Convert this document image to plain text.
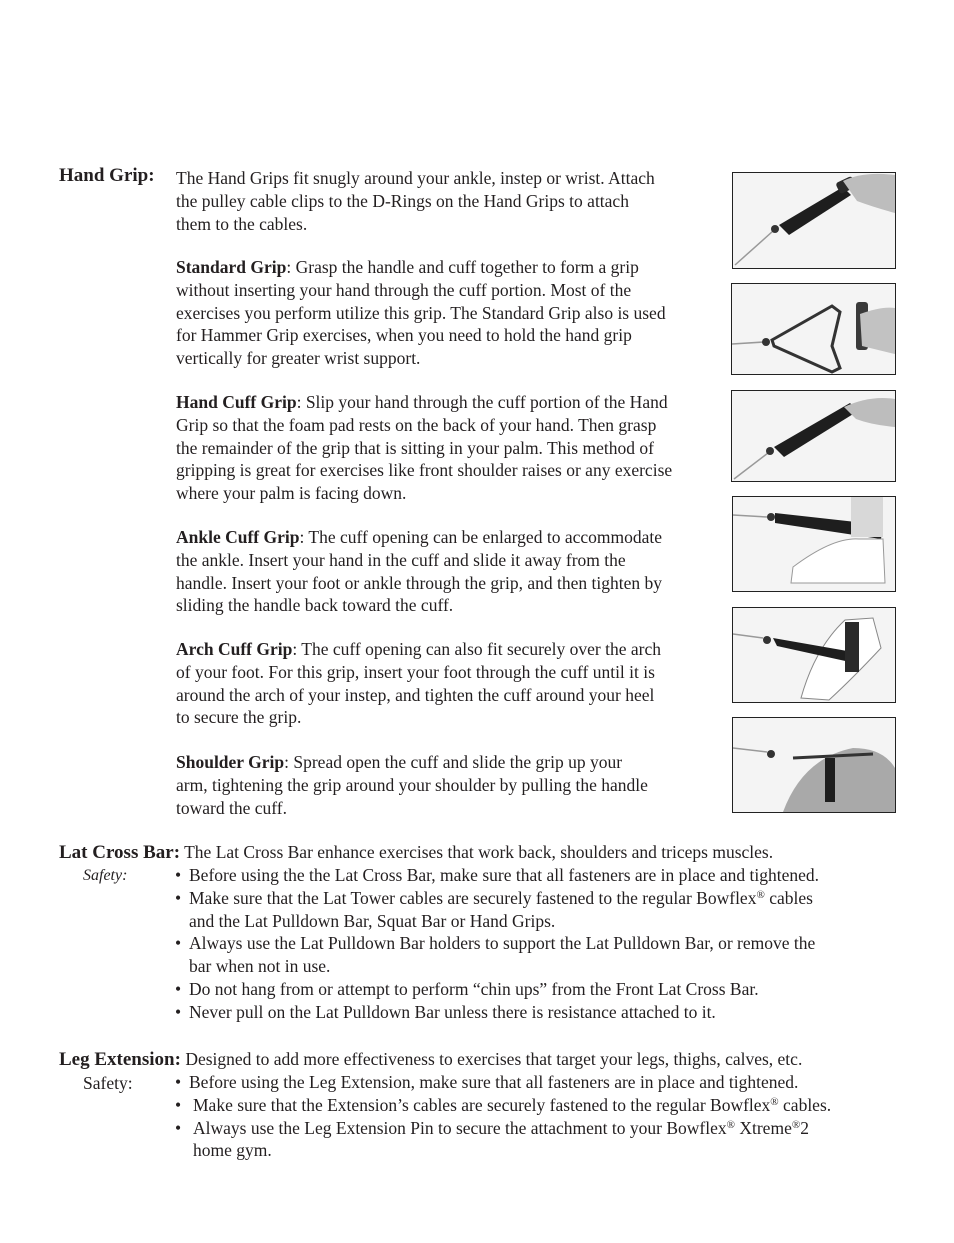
Hand Grip: The Hand Grips fit snugly around your ankle, instep or wrist. Attach
the pulley cable clips to the D-Rings on the Hand Grips to attach
them to the cables.
Standard Grip: Grasp the handle and cuff together to form a grip
without inserting your hand through the cuff portion. Most of the
exercises you perform utilize this grip. The Standard Grip also is used
for Hammer Grip exercises, when you need to hold the hand grip
vertically for greater wrist support.
Hand Cuff Grip: Slip your hand through the cuff portion of the Hand
Grip so that the foam pad rests on the back of your hand. Then grasp
the remainder of the grip that is sitting in your palm. This method of
gripping is great for exercises like front shoulder raises or any exercise
where your palm is facing down.
Ankle Cuff Grip: The cuff opening can be enlarged to accommodate
the ankle. Insert your hand in the cuff and slide it away from the
handle. Insert your foot or ankle through the grip, and then tighten by
sliding the handle back toward the cuff.
Arch Cuff Grip: The cuff opening can also fit securely over the arch
of your foot. For this grip, insert your foot through the cuff until it is
around the arch of your instep, and tighten the cuff around your heel
to secure the grip.
Shoulder Grip: Spread open the cuff and slide the grip up your
arm, tightening the grip around your shoulder by pulling the handle
toward the cuff.
Lat Cross Bar: The Lat Cross Bar enhance exercises that work back, shoulders and triceps muscles.
Safety:	• Before using the the Lat Cross Bar, make sure that all fasteners are in place and tightened.
• Make sure that the Lat Tower cables are securely fastened to the regular Bowflex® cables
and the Lat Pulldown Bar, Squat Bar or Hand Grips.
• Always use the Lat Pulldown Bar holders to support the Lat Pulldown Bar, or remove the
bar when not in use.
• Do not hang from or attempt to perform “chin ups” from the Front Lat Cross Bar.
• Never pull on the Lat Pulldown Bar unless there is resistance attached to it.
Leg Extension: Designed to add more effectiveness to exercises that target your legs, thighs, calves, etc.
Safety: • Before using the Leg Extension, make sure that all fasteners are in place and tightened.
• Make sure that the Extension’s cables are securely fastened to the regular Bowflex® cables.
• Always use the Leg Extension Pin to secure the attachment to your Bowflex® Xtreme®2
home gym.
